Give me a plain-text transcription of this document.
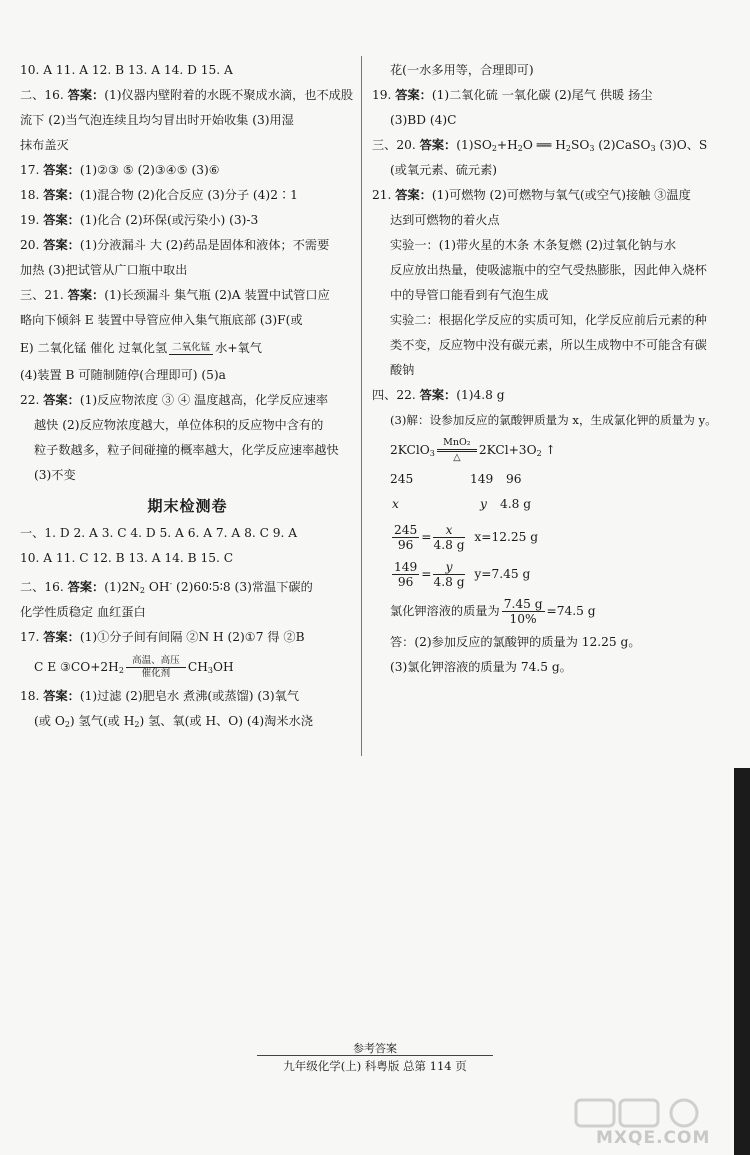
10. A 11. A 12. B 13. A 14. D 15. A
二、16. 答案：(1)仪器内壁附着的水既不聚成水滴，也不成股
流下 (2)当气泡连续且均匀冒出时开始收集 (3)用湿
抹布盖灭
17. 答案：(1)②③ ⑤ (2)③④⑤ (3)⑥
18. 答案：(1)混合物 (2)化合反应 (3)分子 (4)2∶1
19. 答案：(1)化合 (2)环保(或污染小) (3)-3
20. 答案：(1)分液漏斗 大 (2)药品是固体和液体；不需要
加热 (3)把试管从广口瓶中取出
三、21. 答案：(1)长颈漏斗 集气瓶 (2)A 装置中试管口应
略向下倾斜 E 装置中导管应伸入集气瓶底部 (3)F(或
E) 二氧化锰 催化 过氧化氢 二氧化锰 水+氧气
(4)装置 B 可随制随停(合理即可) (5)a
22. 答案：(1)反应物浓度 ③ ④ 温度越高，化学反应速率
越快 (2)反应物浓度越大，单位体积的反应物中含有的
粒子数越多，粒子间碰撞的概率越大，化学反应速率越快
(3)不变
期末检测卷
一、1. D 2. A 3. C 4. D 5. A 6. A 7. A 8. C 9. A
10. A 11. C 12. B 13. A 14. B 15. C
二、16. 答案：$(1)2N_2$ OH- (2)60∶5∶8 (3)常温下碳的
化学性质稳定 血红蛋白
17. 答案：(1)①分子间有间隔 ②N H (2)①7 得 ②B
C E $③CO+2H_2$
高温、高压
催化剂	$CH_3OH$
18. 答案：(1)过滤 (2)肥皂水 煮沸(或蒸馏) (3)氧气
(或 $O_2$) 氢气(或 $H_2$) 氢、氧(或 H、O) (4)淘米水浇
花(一水多用等，合理即可)
19. 答案：(1)二氧化硫 一氧化碳 (2)尾气 供暖 扬尘
(3)BD (4)C
三、20. 答案：$(1)SO_2+H_2O$ ══ $H_2SO_3$ (2)CaSO$_3$ (3)O、S
(或氧元素、硫元素)
21. 答案：(1)可燃物 (2)可燃物与氧气(或空气)接触 ③温度
达到可燃物的着火点
实验一：(1)带火星的木条 木条复燃 (2)过氧化钠与水
反应放出热量，使吸滤瓶中的空气受热膨胀，因此伸入烧杯
中的导管口能看到有气泡生成
实验二：根据化学反应的实质可知，化学反应前后元素的种
类不变，反应物中没有碳元素，所以生成物中不可能含有碳
酸钠
四、22. 答案：(1)4.8 g
(3)解：设参加反应的氯酸钾质量为 x，生成氯化钾的质量为 y。
2KClO$_3$
MnO₂
△
$2KCl+3O_2$ ↑
245	149 96
x	y 4.8 g
$\frac{245}{96} = \frac{x}{4.8 g} x=12.25$ g
$\frac{149}{96} = \frac{y}{4.8 g} y=7.45$ g
氯化钾溶液的质量为 $\frac{7.45 g}{10\%} =74.5$ g
答：(2)参加反应的氯酸钾的质量为 12.25 g。
(3)氯化钾溶液的质量为 74.5 g。
参考答案
九年级化学(上) 科粤版 总第 114 页
MXQE.COM
